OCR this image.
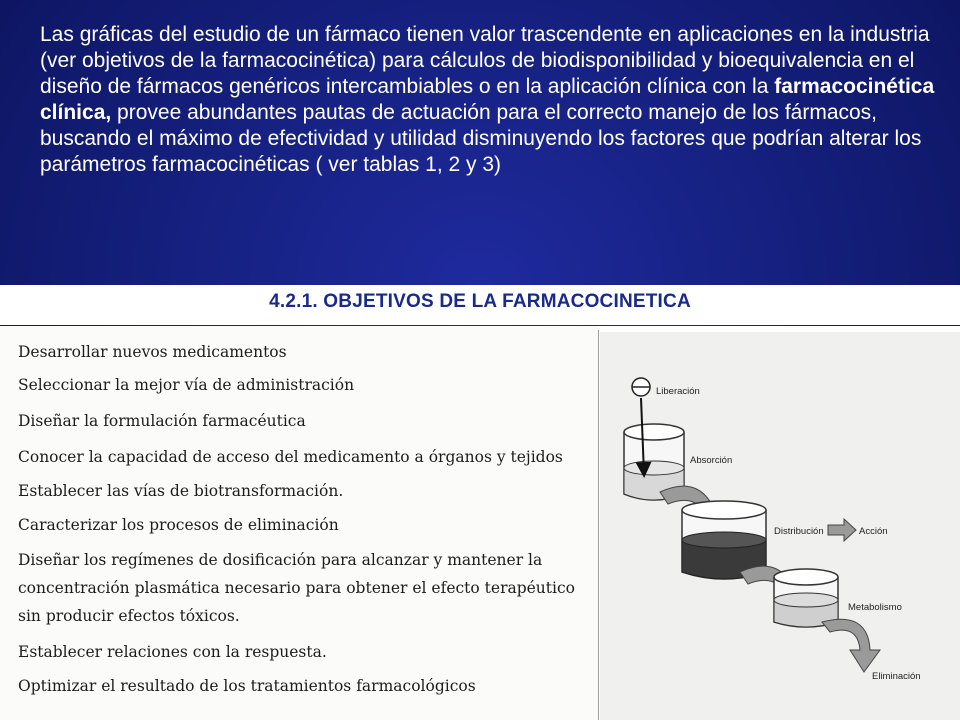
Las gráficas del estudio de un fármaco tienen valor trascendente en aplicaciones en la industria (ver objetivos de la farmacocinética) para cálculos de biodisponibilidad y bioequivalencia en el diseño de fármacos genéricos intercambiables o en la aplicación clínica con la farmacocinética clínica, provee abundantes pautas de actuación para el correcto manejo de los fármacos, buscando el máximo de efectividad y utilidad disminuyendo los factores que podrían alterar los parámetros farmacocinéticas ( ver tablas 1, 2 y 3)
4.2.1. OBJETIVOS DE LA FARMACOCINETICA
Desarrollar nuevos medicamentos
Seleccionar la mejor vía de administración
Diseñar la formulación farmacéutica
Conocer la capacidad de acceso del medicamento a órganos y tejidos
Establecer las vías de biotransformación.
Caracterizar los procesos de eliminación
Diseñar los regímenes de dosificación para alcanzar y mantener la
concentración plasmática necesario para obtener el efecto terapéutico
sin producir efectos tóxicos.
Establecer relaciones con la respuesta.
Optimizar el resultado de los tratamientos farmacológicos
Liberación
Absorción
Distribución	Acción
Metabolismo
Eliminación
